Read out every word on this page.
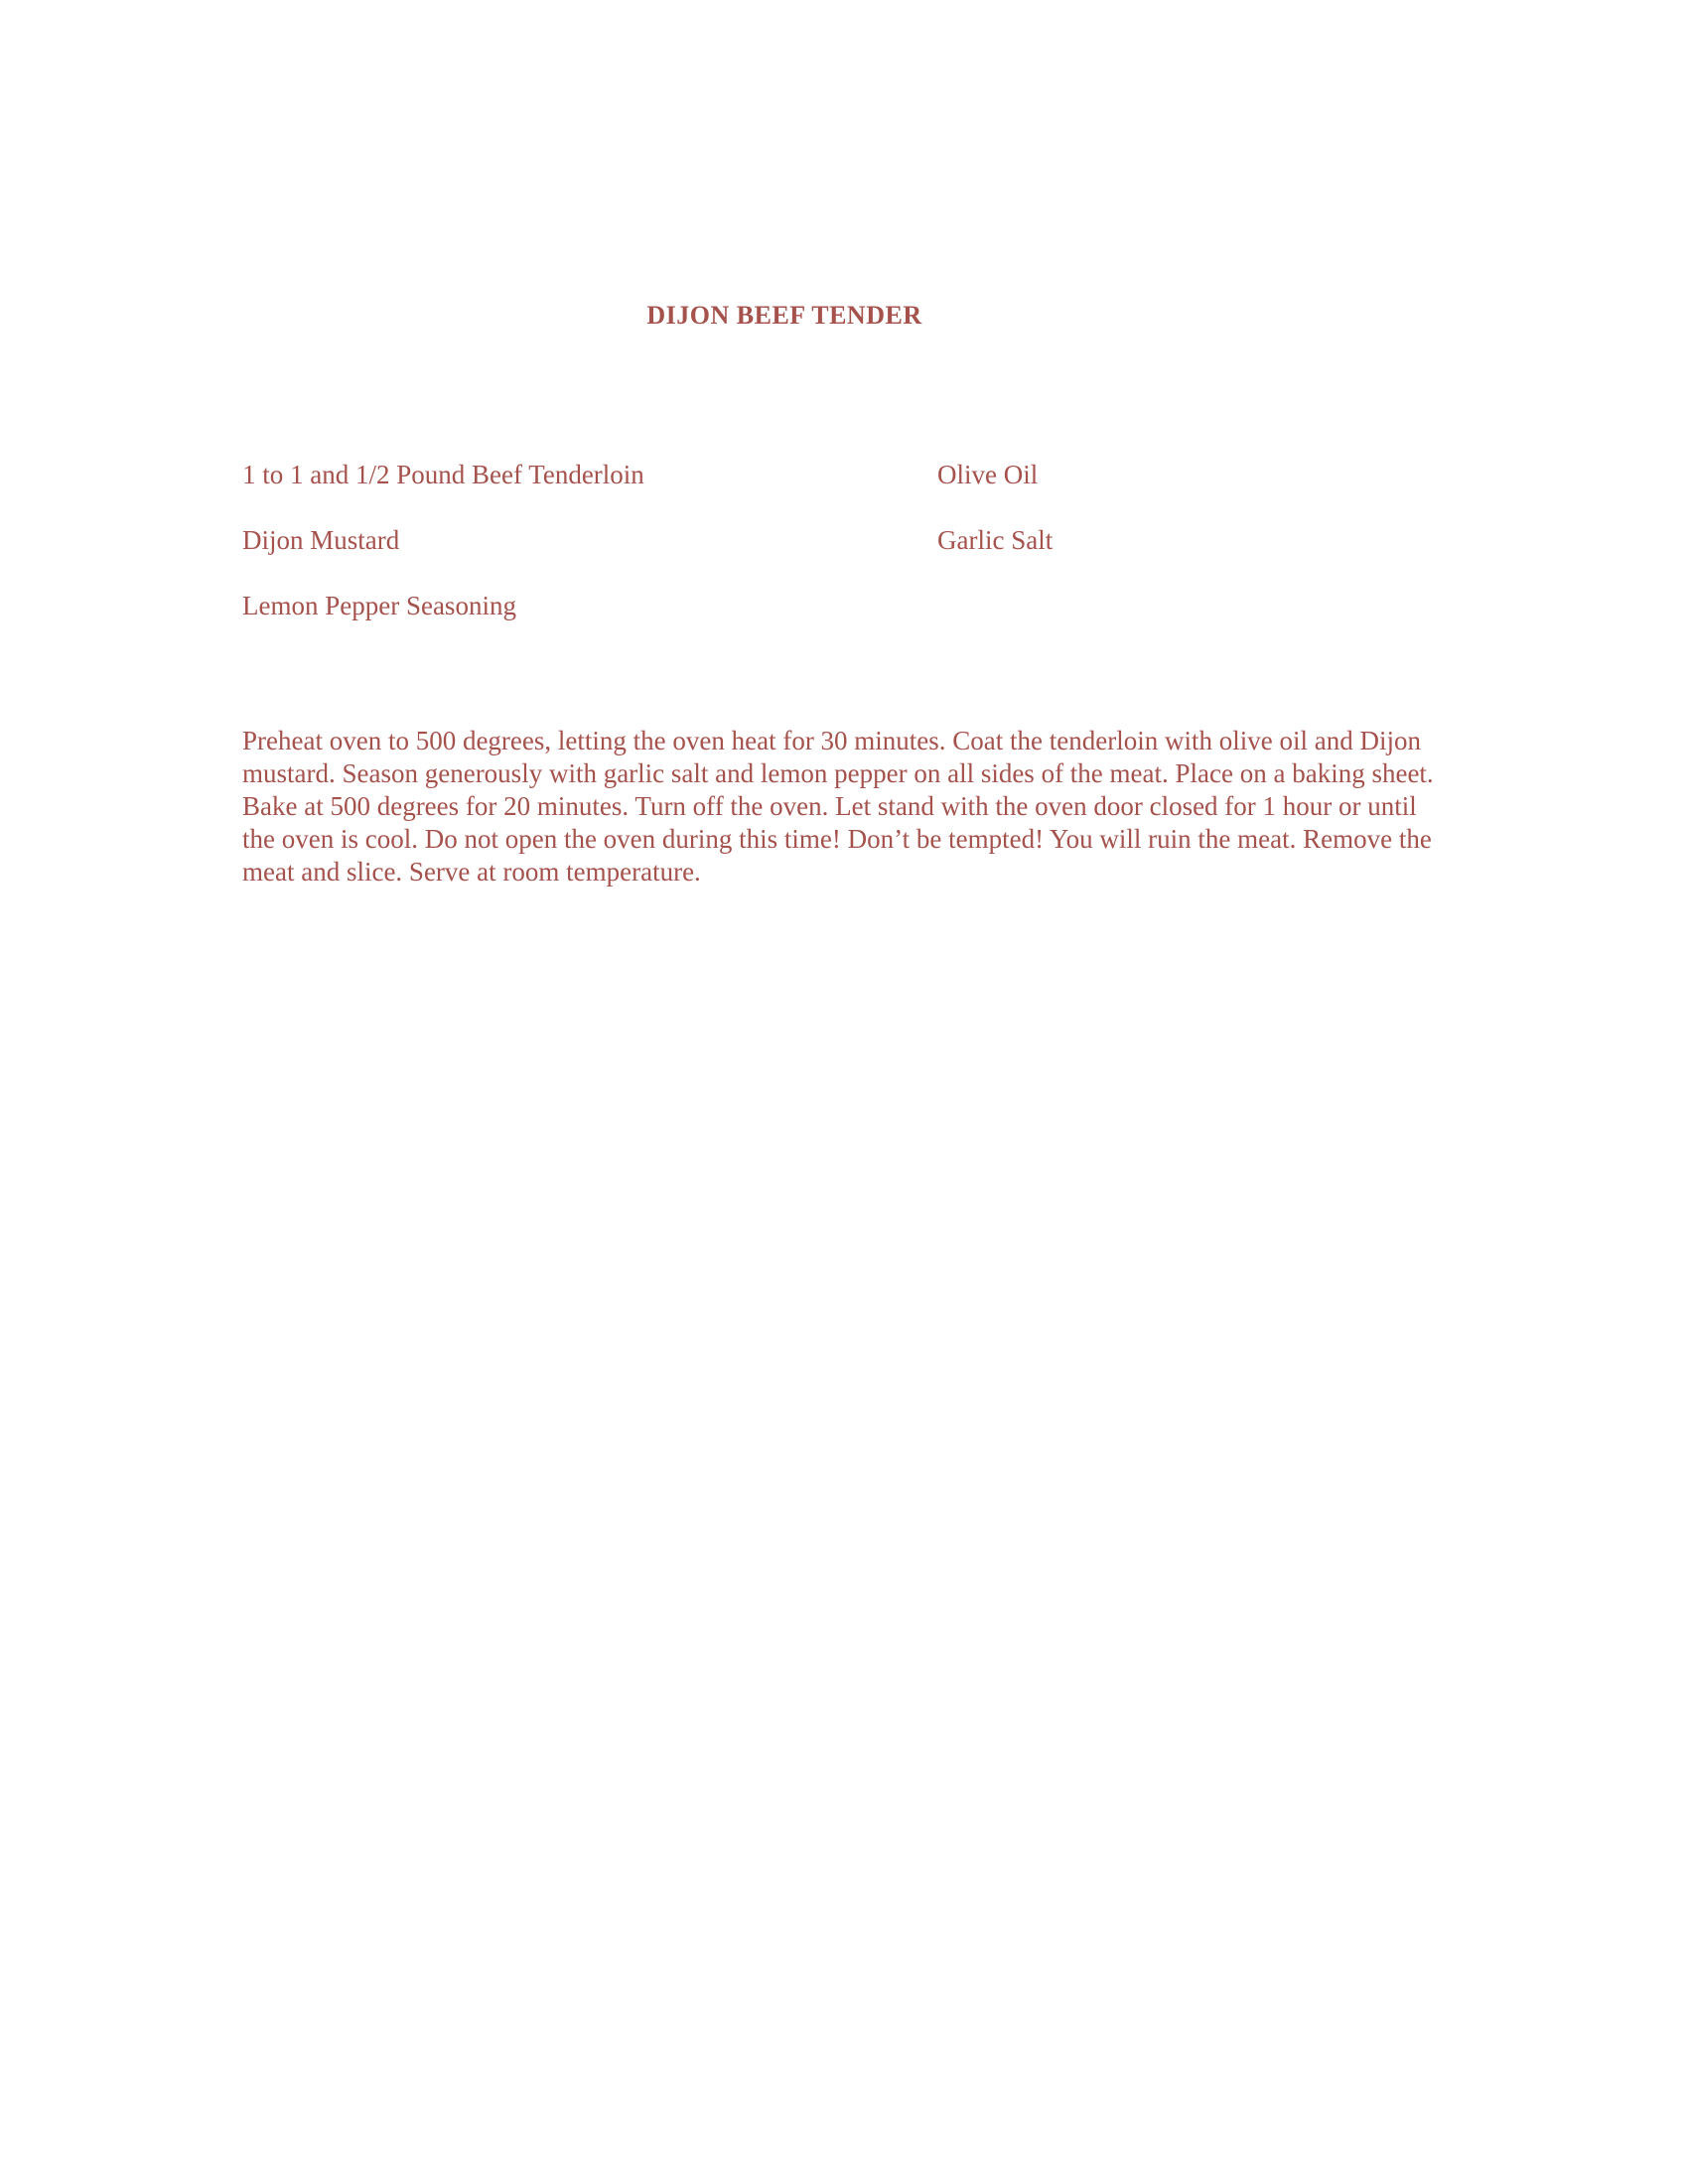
DIJON BEEF TENDER
1 to 1 and 1/2 Pound Beef Tenderloin	Olive Oil
Dijon Mustard	Garlic Salt
Lemon Pepper Seasoning

Preheat oven to 500 degrees, letting the oven heat for 30 minutes. Coat the tenderloin with olive oil and Dijon mustard. Season generously with garlic salt and lemon pepper on all sides of the meat. Place on a baking sheet. Bake at 500 degrees for 20 minutes. Turn off the oven. Let stand with the oven door closed for 1 hour or until the oven is cool. Do not open the oven during this time! Don’t be tempted! You will ruin the meat. Remove the meat and slice. Serve at room temperature.
